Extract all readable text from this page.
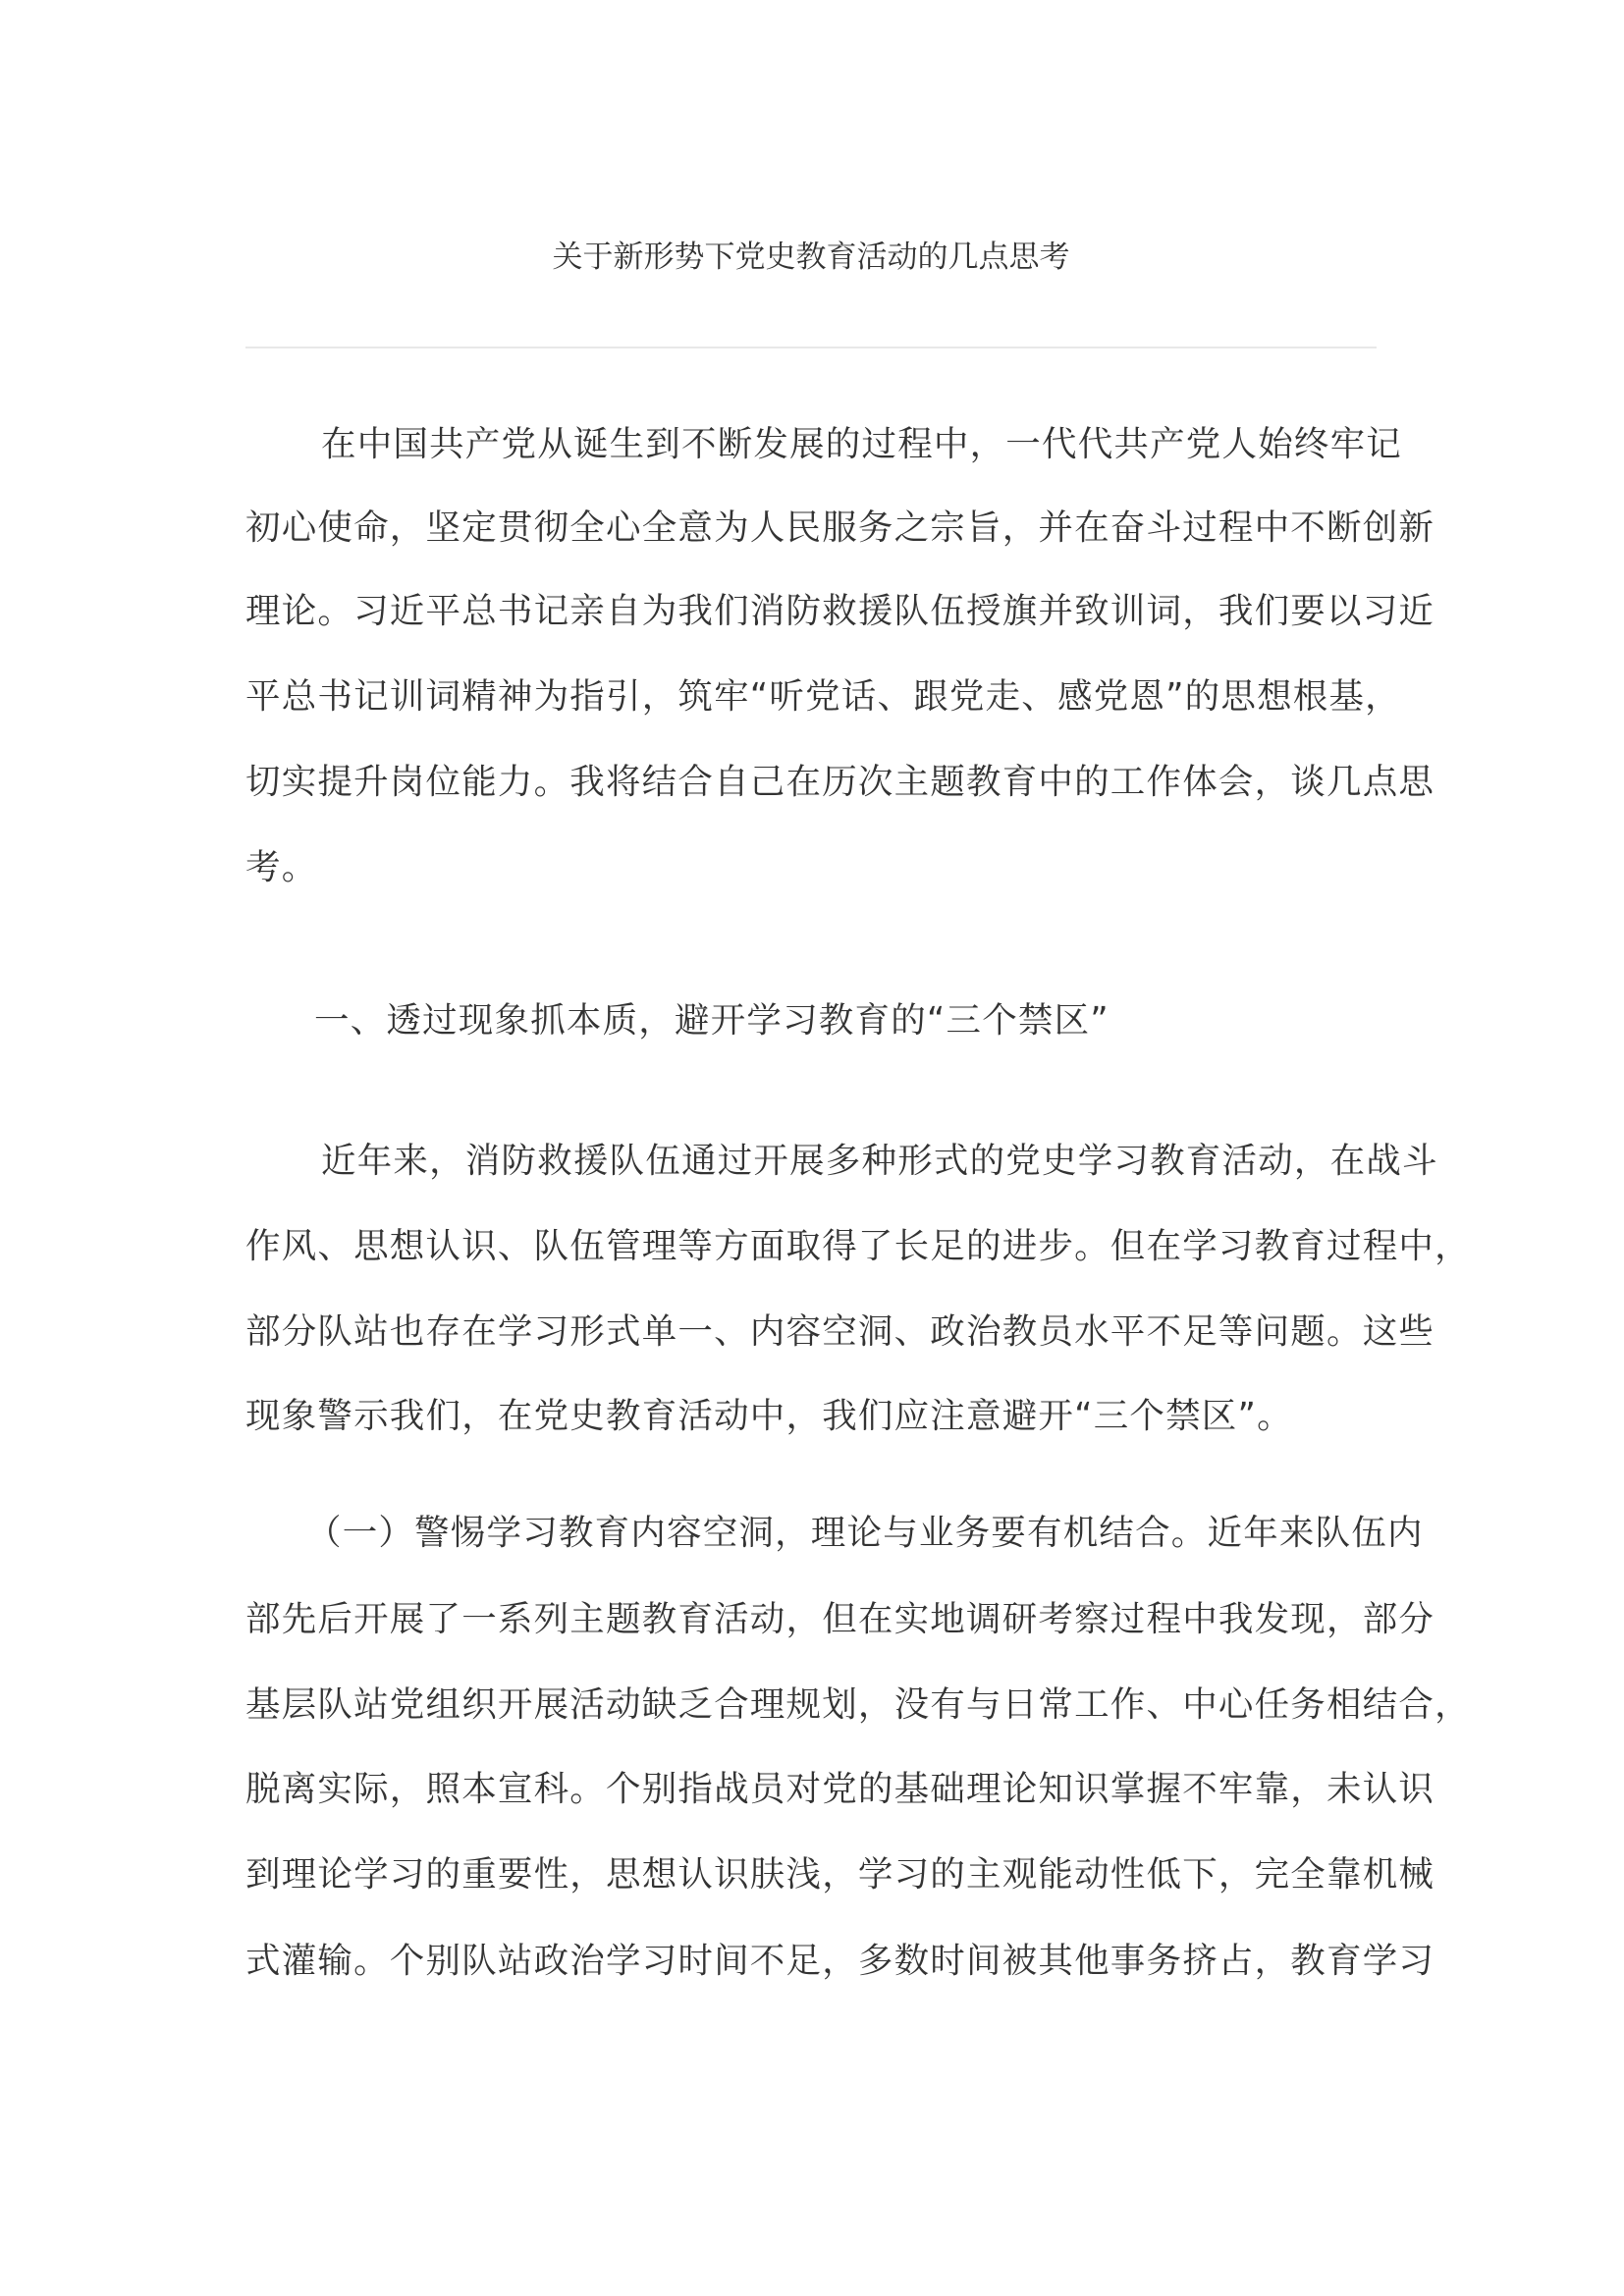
关于新形势下党史教育活动的几点思考
在中国共产党从诞生到不断发展的过程中，一代代共产党人始终牢记
初心使命，坚定贯彻全心全意为人民服务之宗旨，并在奋斗过程中不断创新
理论。习近平总书记亲自为我们消防救援队伍授旗并致训词，我们要以习近
平总书记训词精神为指引，筑牢“听党话、跟党走、感党恩”的思想根基，
切实提升岗位能力。我将结合自己在历次主题教育中的工作体会，谈几点思
考。
一、透过现象抓本质，避开学习教育的“三个禁区”
近年来，消防救援队伍通过开展多种形式的党史学习教育活动，在战斗
作风、思想认识、队伍管理等方面取得了长足的进步。但在学习教育过程中，
部分队站也存在学习形式单一、内容空洞、政治教员水平不足等问题。这些
现象警示我们，在党史教育活动中，我们应注意避开“三个禁区”。
（一）警惕学习教育内容空洞，理论与业务要有机结合。近年来队伍内
部先后开展了一系列主题教育活动，但在实地调研考察过程中我发现，部分
基层队站党组织开展活动缺乏合理规划，没有与日常工作、中心任务相结合，
脱离实际，照本宣科。个别指战员对党的基础理论知识掌握不牢靠，未认识
到理论学习的重要性，思想认识肤浅，学习的主观能动性低下，完全靠机械
式灌输。个别队站政治学习时间不足，多数时间被其他事务挤占，教育学习
